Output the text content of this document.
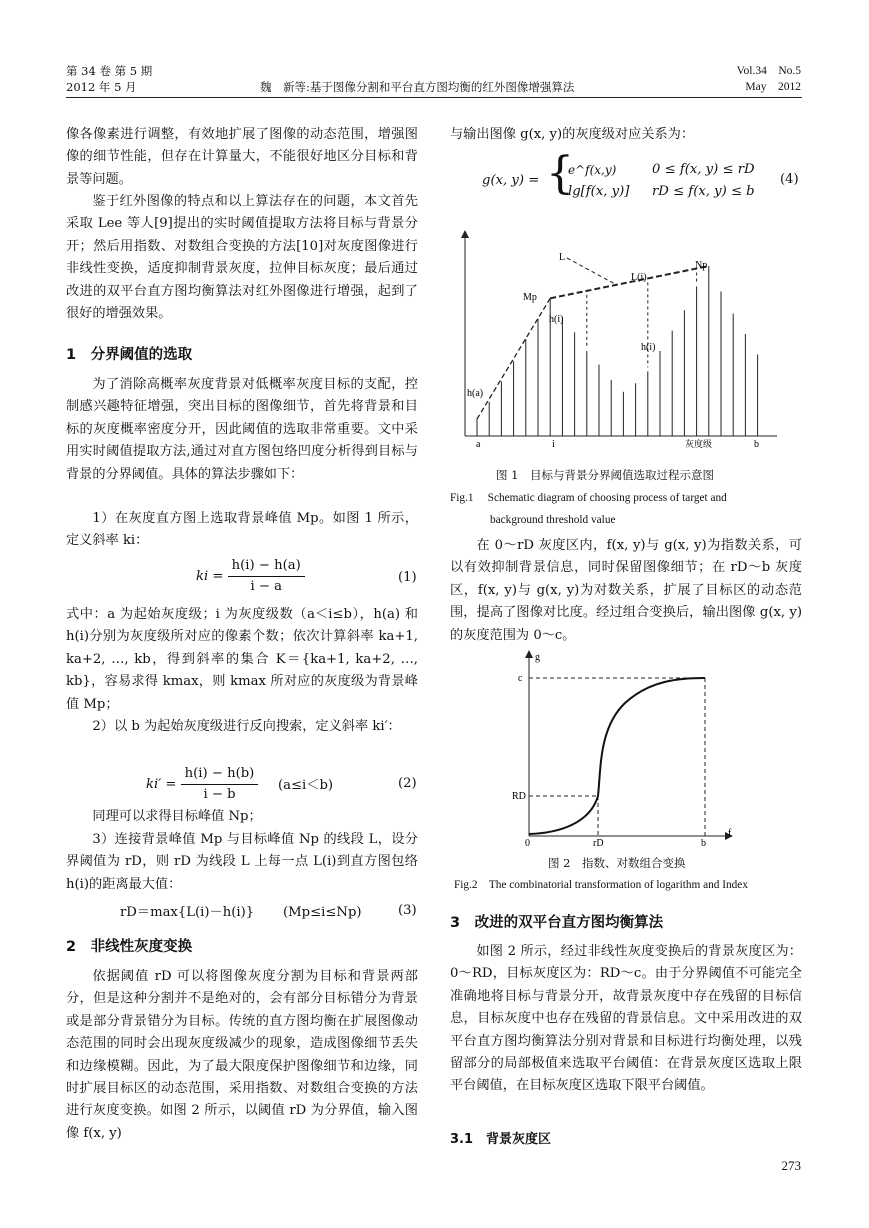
第 34 卷 第 5 期
2012 年 5 月	魏　新等:基于图像分割和平台直方图均衡的红外图像增强算法
Vol.34　No.5
May　2012

像各像素进行调整，有效地扩展了图像的动态范围，增强图像的细节性能，但存在计算量大，不能很好地区分目标和背景等问题。

鉴于红外图像的特点和以上算法存在的问题，本文首先采取 Lee 等人[9]提出的实时阈值提取方法将目标与背景分开；然后用指数、对数组合变换的方法[10]对灰度图像进行非线性变换，适度抑制背景灰度，拉伸目标灰度；最后通过改进的双平台直方图均衡算法对红外图像进行增强，起到了很好的增强效果。

1　分界阈值的选取

为了消除高概率灰度背景对低概率灰度目标的支配，控制感兴趣特征增强，突出目标的图像细节，首先将背景和目标的灰度概率密度分开，因此阈值的选取非常重要。文中采用实时阈值提取方法,通过对直方图包络凹度分析得到目标与背景的分界阈值。具体的算法步骤如下：

1）在灰度直方图上选取背景峰值 Mp。如图 1 所示，定义斜率 ki：

ki = $\frac{h(i) - h(a)}{i - a}$	(1)

式中：a 为起始灰度级；i 为灰度级数（a＜i≤b），h(a) 和 h(i)分别为灰度级所对应的像素个数；依次计算斜率 ka+1, ka+2, …, kb，得到斜率的集合 K＝{ka+1, ka+2, …, kb}，容易求得 kmax，则 kmax 所对应的灰度级为背景峰值 Mp；

2）以 b 为起始灰度级进行反向搜索，定义斜率 ki′：

$ki' = \frac{h(i) - h(b)}{i - b} (a\le i<b)$	(2)

同理可以求得目标峰值 Np；

3）连接背景峰值 Mp 与目标峰值 Np 的线段 L，设分界阈值为 rD，则 rD 为线段 L 上每一点 L(i)到直方图包络 h(i)的距离最大值：

rD＝max{L(i)－h(i)} (Mp≤i≤Np)	(3)
2　非线性灰度变换

依据阈值 rD 可以将图像灰度分割为目标和背景两部分，但是这种分割并不是绝对的，会有部分目标错分为背景或是部分背景错分为目标。传统的直方图均衡在扩展图像动态范围的同时会出现灰度级减少的现象，造成图像细节丢失和边缘模糊。因此，为了最大限度保护图像细节和边缘，同时扩展目标区的动态范围，采用指数、对数组合变换的方法进行灰度变换。如图 2 所示，以阈值 rD 为分界值，输入图像 f(x, y)

与输出图像 g(x, y)的灰度级对应关系为：

g(x, y) = {
e^f(x,y)
lg[f(x, y)]
0 ≤ f(x, y) ≤ rD
rD ≤ f(x, y) ≤ b
(4)
L
L(i)
Np
Mp
h(i)
h(i)
h(a)
a	i	灰度级	b
图 1　目标与背景分界阈值选取过程示意图
Fig.1　 Schematic diagram of choosing process of target and
background threshold value

在 0～rD 灰度区内，f(x, y)与 g(x, y)为指数关系，可以有效抑制背景信息，同时保留图像细节；在 rD～b 灰度区，f(x, y)与 g(x, y)为对数关系，扩展了目标区的动态范围，提高了图像对比度。经过组合变换后，输出图像 g(x, y)的灰度范围为 0～c。

g
f
c
RD
0	rD	b
图 2　指数、对数组合变换
Fig.2　The combinatorial transformation of logarithm and Index
3　改进的双平台直方图均衡算法

如图 2 所示，经过非线性灰度变换后的背景灰度区为：0～RD，目标灰度区为：RD～c。由于分界阈值不可能完全准确地将目标与背景分开，故背景灰度中存在残留的目标信息，目标灰度中也存在残留的背景信息。文中采用改进的双平台直方图均衡算法分别对背景和目标进行均衡处理，以残留部分的局部极值来选取平台阈值：在背景灰度区选取上限平台阈值，在目标灰度区选取下限平台阈值。

3.1　背景灰度区
273
